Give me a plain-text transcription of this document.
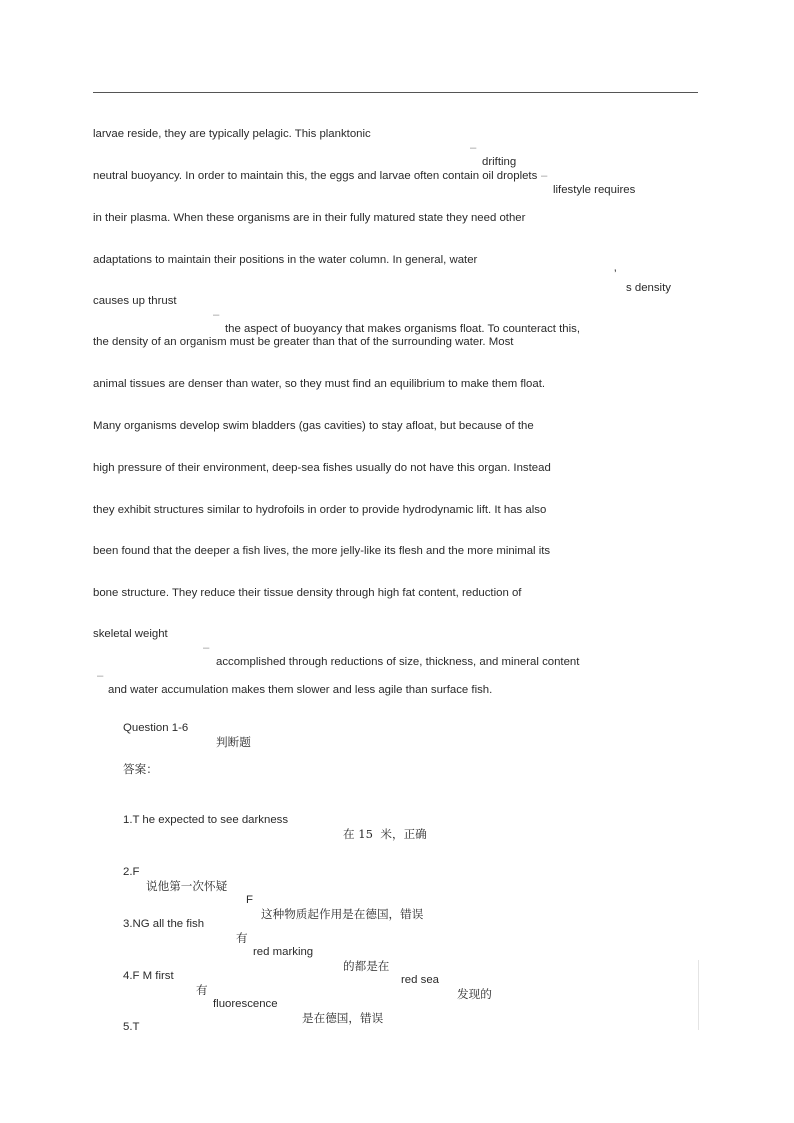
larvae reside, they are typically pelagic. This planktonic

–

drifting

–

lifestyle requires

neutral buoyancy. In order to maintain this, the eggs and larvae often contain oil droplets

in their plasma. When these organisms are in their fully matured state they need other

adaptations to maintain their positions in the water column. In general, water

’

s density

causes up thrust

–

the aspect of buoyancy that makes organisms float. To counteract this,

the density of an organism must be greater than that of the surrounding water. Most

animal tissues are denser than water, so they must find an equilibrium to make them float.

Many organisms develop swim bladders (gas cavities) to stay afloat, but because of the

high pressure of their environment, deep-sea fishes usually do not have this organ. Instead

they exhibit structures similar to hydrofoils in order to provide hydrodynamic lift. It has also

been found that the deeper a fish lives, the more jelly-like its flesh and the more minimal its

bone structure. They reduce their tissue density through high fat content, reduction of

skeletal weight

–

accomplished through reductions of size, thickness, and mineral content

–

and water accumulation makes them slower and less agile than surface fish.

Question 1-6

判断题

答案：

1.T he expected to see darkness

在 15  米，正确

2.F

说他第一次怀疑

F

这种物质起作用是在德国，错误

3.NG all the fish

有

red marking

的都是在

red sea

发现的

4.F M first

有

fluorescence

是在德国，错误

5.T
